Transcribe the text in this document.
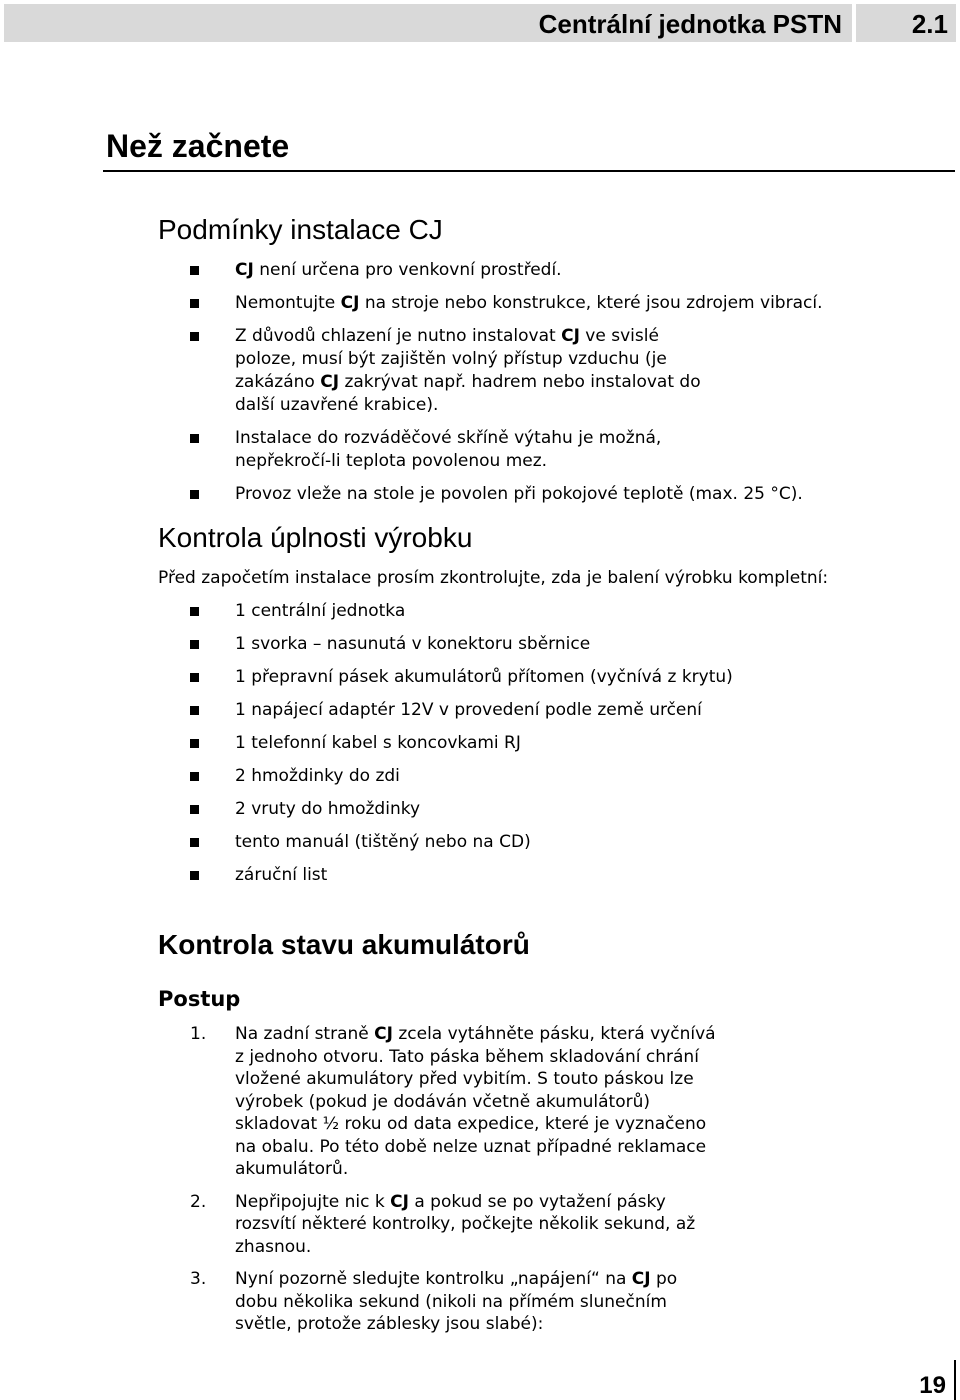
Centrální jednotka PSTN	2.1
Než začnete
Podmínky instalace CJ
CJ není určena pro venkovní prostředí.
Nemontujte CJ na stroje nebo konstrukce, které jsou zdrojem vibrací.
Z důvodů chlazení je nutno instalovat CJ ve svislé poloze, musí být zajištěn volný přístup vzduchu (je zakázáno CJ zakrývat např. hadrem nebo instalovat do další uzavřené krabice).
Instalace do rozváděčové skříně výtahu je možná, nepřekročí-li teplota povolenou mez.
Provoz vleže na stole je povolen při pokojové teplotě (max. 25 °C).
Kontrola úplnosti výrobku
Před započetím instalace prosím zkontrolujte, zda je balení výrobku kompletní:
1 centrální jednotka
1 svorka – nasunutá v konektoru sběrnice
1 přepravní pásek akumulátorů přítomen (vyčnívá z krytu)
1 napájecí adaptér 12V v provedení podle země určení
1 telefonní kabel s koncovkami RJ
2 hmoždinky do zdi
2 vruty do hmoždinky
tento manuál (tištěný nebo na CD)
záruční list
Kontrola stavu akumulátorů
Postup
1. Na zadní straně CJ zcela vytáhněte pásku, která vyčnívá z jednoho otvoru. Tato páska během skladování chrání vložené akumulátory před vybitím. S touto páskou lze výrobek (pokud je dodáván včetně akumulátorů) skladovat ½ roku od data expedice, které je vyznačeno na obalu. Po této době nelze uznat případné reklamace akumulátorů.
2. Nepřipojujte nic k CJ a pokud se po vytažení pásky rozsvítí některé kontrolky, počkejte několik sekund, až zhasnou.
3. Nyní pozorně sledujte kontrolku „napájení“ na CJ po dobu několika sekund (nikoli na přímém slunečním světle, protože záblesky jsou slabé):
19
